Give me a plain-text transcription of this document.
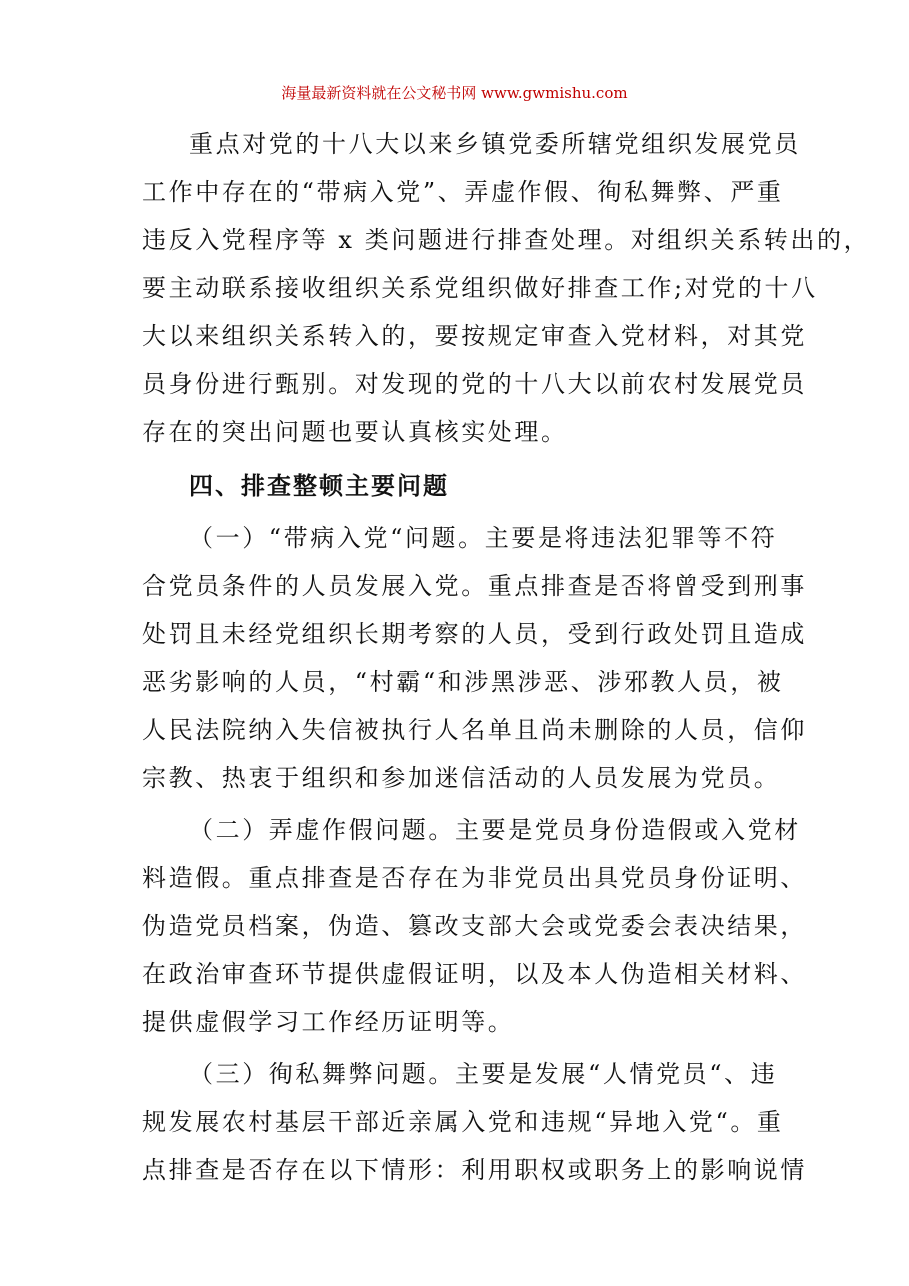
海量最新资料就在公文秘书网 www.gwmishu.com
重点对党的十八大以来乡镇党委所辖党组织发展党员
工作中存在的“带病入党”、弄虚作假、徇私舞弊、严重
违反入党程序等 x 类问题进行排查处理。对组织关系转出的，
要主动联系接收组织关系党组织做好排查工作;对党的十八
大以来组织关系转入的，要按规定审查入党材料，对其党
员身份进行甄别。对发现的党的十八大以前农村发展党员
存在的突出问题也要认真核实处理。
四、排查整顿主要问题
（一）“带病入党“问题。主要是将违法犯罪等不符
合党员条件的人员发展入党。重点排查是否将曾受到刑事
处罚且未经党组织长期考察的人员，受到行政处罚且造成
恶劣影响的人员，“村霸“和涉黑涉恶、涉邪教人员，被
人民法院纳入失信被执行人名单且尚未删除的人员，信仰
宗教、热衷于组织和参加迷信活动的人员发展为党员。
（二）弄虚作假问题。主要是党员身份造假或入党材
料造假。重点排查是否存在为非党员出具党员身份证明、
伪造党员档案，伪造、篡改支部大会或党委会表决结果，
在政治审查环节提供虚假证明，以及本人伪造相关材料、
提供虚假学习工作经历证明等。
（三）徇私舞弊问题。主要是发展“人情党员“、违
规发展农村基层干部近亲属入党和违规“异地入党“。重
点排查是否存在以下情形：利用职权或职务上的影响说情
